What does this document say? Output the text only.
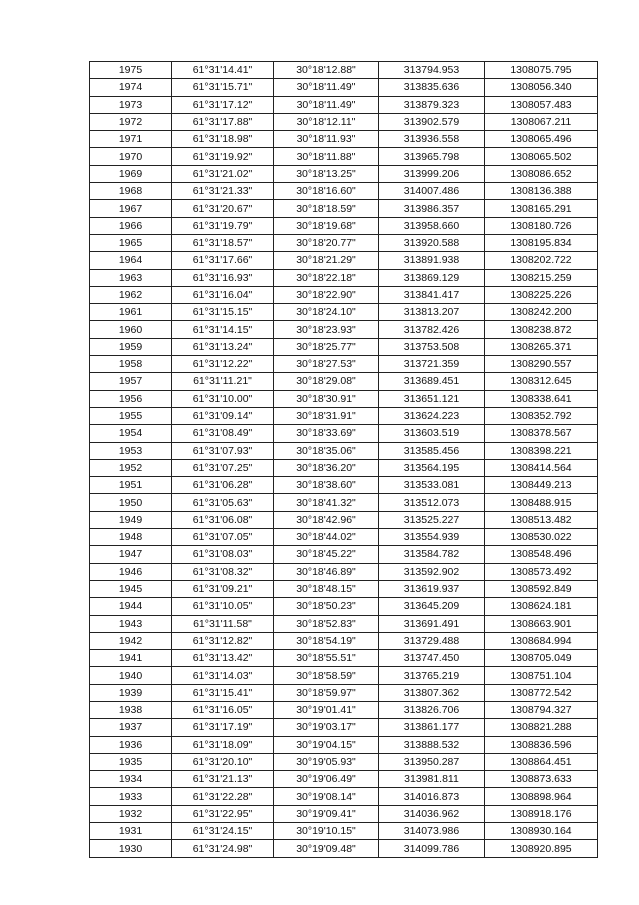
1975	61°31'14.41"	30°18'12.88"	313794.953	1308075.795
1974	61°31'15.71"	30°18'11.49"	313835.636	1308056.340
1973	61°31'17.12"	30°18'11.49"	313879.323	1308057.483
1972	61°31'17.88"	30°18'12.11"	313902.579	1308067.211
1971	61°31'18.98"	30°18'11.93"	313936.558	1308065.496
1970	61°31'19.92"	30°18'11.88"	313965.798	1308065.502
1969	61°31'21.02"	30°18'13.25"	313999.206	1308086.652
1968	61°31'21.33"	30°18'16.60"	314007.486	1308136.388
1967	61°31'20.67"	30°18'18.59"	313986.357	1308165.291
1966	61°31'19.79"	30°18'19.68"	313958.660	1308180.726
1965	61°31'18.57"	30°18'20.77"	313920.588	1308195.834
1964	61°31'17.66"	30°18'21.29"	313891.938	1308202.722
1963	61°31'16.93"	30°18'22.18"	313869.129	1308215.259
1962	61°31'16.04"	30°18'22.90"	313841.417	1308225.226
1961	61°31'15.15"	30°18'24.10"	313813.207	1308242.200
1960	61°31'14.15"	30°18'23.93"	313782.426	1308238.872
1959	61°31'13.24"	30°18'25.77"	313753.508	1308265.371
1958	61°31'12.22"	30°18'27.53"	313721.359	1308290.557
1957	61°31'11.21"	30°18'29.08"	313689.451	1308312.645
1956	61°31'10.00"	30°18'30.91"	313651.121	1308338.641
1955	61°31'09.14"	30°18'31.91"	313624.223	1308352.792
1954	61°31'08.49"	30°18'33.69"	313603.519	1308378.567
1953	61°31'07.93"	30°18'35.06"	313585.456	1308398.221
1952	61°31'07.25"	30°18'36.20"	313564.195	1308414.564
1951	61°31'06.28"	30°18'38.60"	313533.081	1308449.213
1950	61°31'05.63"	30°18'41.32"	313512.073	1308488.915
1949	61°31'06.08"	30°18'42.96"	313525.227	1308513.482
1948	61°31'07.05"	30°18'44.02"	313554.939	1308530.022
1947	61°31'08.03"	30°18'45.22"	313584.782	1308548.496
1946	61°31'08.32"	30°18'46.89"	313592.902	1308573.492
1945	61°31'09.21"	30°18'48.15"	313619.937	1308592.849
1944	61°31'10.05"	30°18'50.23"	313645.209	1308624.181
1943	61°31'11.58"	30°18'52.83"	313691.491	1308663.901
1942	61°31'12.82"	30°18'54.19"	313729.488	1308684.994
1941	61°31'13.42"	30°18'55.51"	313747.450	1308705.049
1940	61°31'14.03"	30°18'58.59"	313765.219	1308751.104
1939	61°31'15.41"	30°18'59.97"	313807.362	1308772.542
1938	61°31'16.05"	30°19'01.41"	313826.706	1308794.327
1937	61°31'17.19"	30°19'03.17"	313861.177	1308821.288
1936	61°31'18.09"	30°19'04.15"	313888.532	1308836.596
1935	61°31'20.10"	30°19'05.93"	313950.287	1308864.451
1934	61°31'21.13"	30°19'06.49"	313981.811	1308873.633
1933	61°31'22.28"	30°19'08.14"	314016.873	1308898.964
1932	61°31'22.95"	30°19'09.41"	314036.962	1308918.176
1931	61°31'24.15"	30°19'10.15"	314073.986	1308930.164
1930	61°31'24.98"	30°19'09.48"	314099.786	1308920.895
